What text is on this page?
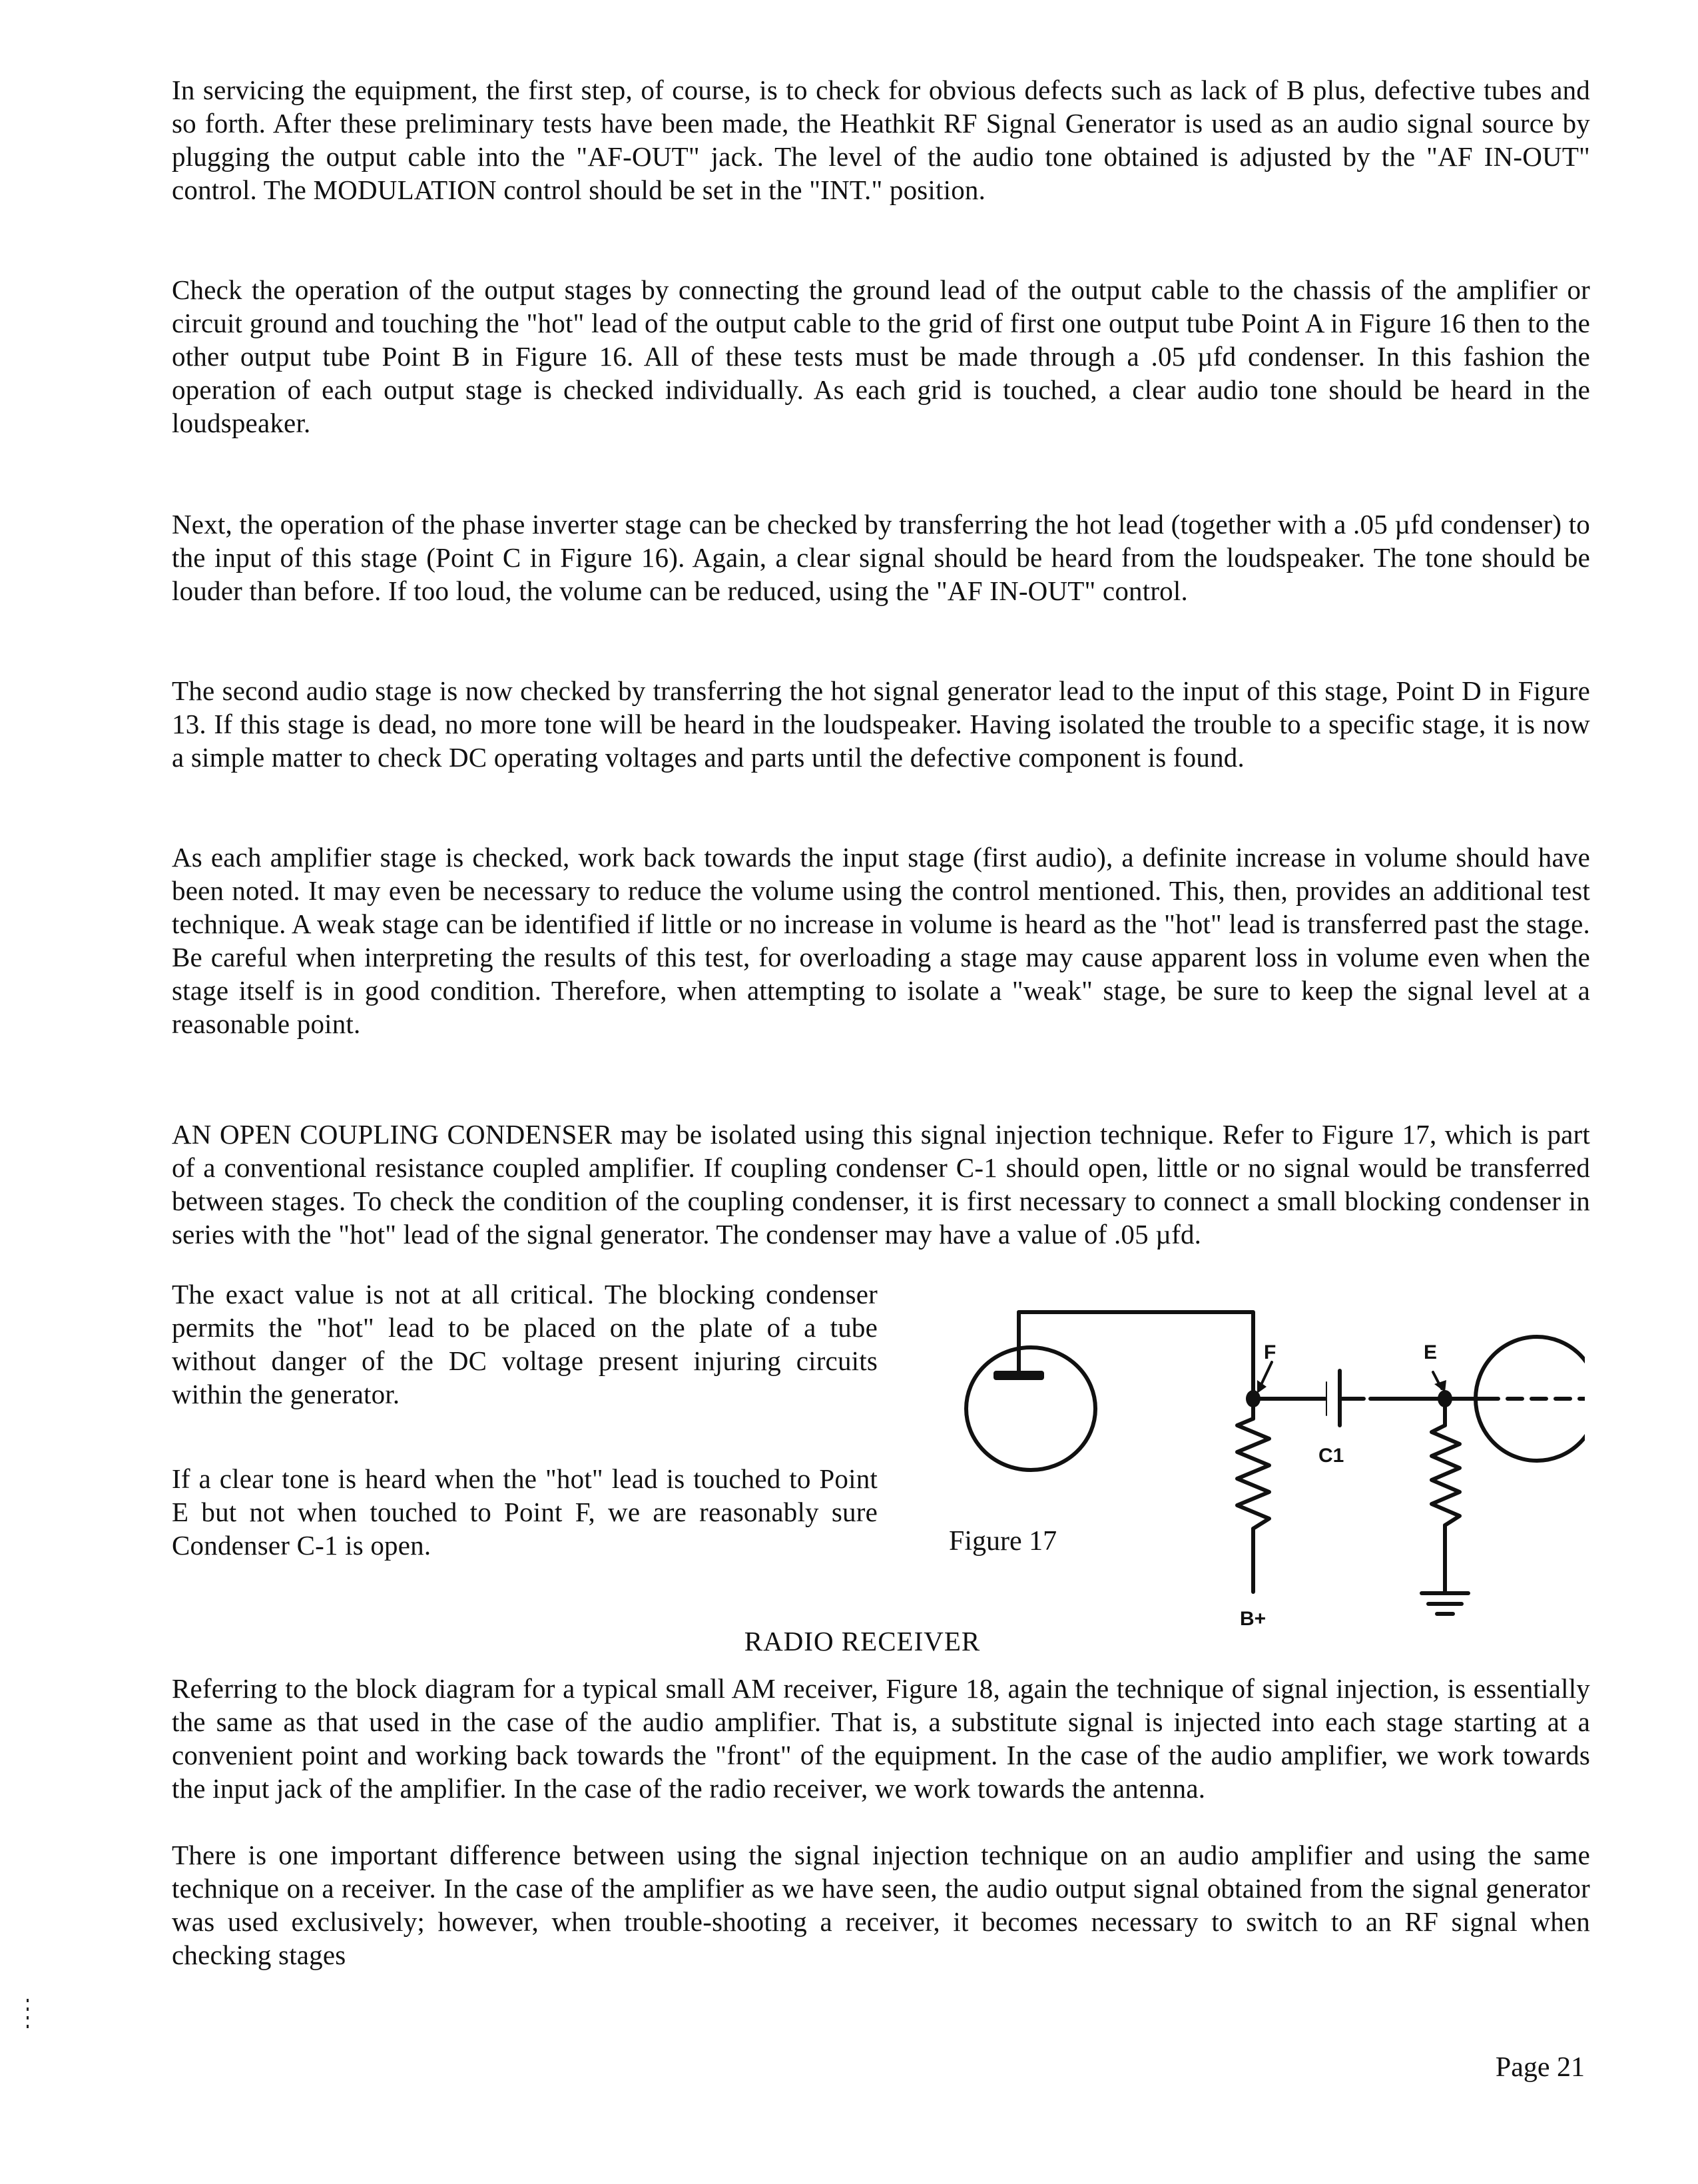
In servicing the equipment, the first step, of course, is to check for obvious defects such as lack of B plus, defective tubes and so forth. After these preliminary tests have been made, the Heathkit RF Signal Generator is used as an audio signal source by plugging the output cable into the "AF-OUT" jack. The level of the audio tone obtained is adjusted by the "AF IN-OUT" control. The MODULATION control should be set in the "INT." position.

Check the operation of the output stages by connecting the ground lead of the output cable to the chassis of the amplifier or circuit ground and touching the "hot" lead of the output cable to the grid of first one output tube Point A in Figure 16 then to the other output tube Point B in Figure 16. All of these tests must be made through a .05 µfd condenser. In this fashion the operation of each output stage is checked individually. As each grid is touched, a clear audio tone should be heard in the loudspeaker.

Next, the operation of the phase inverter stage can be checked by transferring the hot lead (together with a .05 µfd condenser) to the input of this stage (Point C in Figure 16). Again, a clear signal should be heard from the loudspeaker. The tone should be louder than before. If too loud, the volume can be reduced, using the "AF IN-OUT" control.

The second audio stage is now checked by transferring the hot signal generator lead to the input of this stage, Point D in Figure 13. If this stage is dead, no more tone will be heard in the loudspeaker. Having isolated the trouble to a specific stage, it is now a simple matter to check DC operating voltages and parts until the defective component is found.

As each amplifier stage is checked, work back towards the input stage (first audio), a definite increase in volume should have been noted. It may even be necessary to reduce the volume using the control mentioned. This, then, provides an additional test technique. A weak stage can be identified if little or no increase in volume is heard as the "hot" lead is transferred past the stage. Be careful when interpreting the results of this test, for overloading a stage may cause apparent loss in volume even when the stage itself is in good condition. Therefore, when attempting to isolate a "weak" stage, be sure to keep the signal level at a reasonable point.

AN OPEN COUPLING CONDENSER may be isolated using this signal injection technique. Refer to Figure 17, which is part of a conventional resistance coupled amplifier. If coupling condenser C-1 should open, little or no signal would be transferred between stages. To check the condition of the coupling condenser, it is first necessary to connect a small blocking condenser in series with the "hot" lead of the signal generator. The condenser may have a value of .05 µfd.

The exact value is not at all critical. The blocking condenser permits the "hot" lead to be placed on the plate of a tube without danger of the DC voltage present injuring circuits within the generator.

If a clear tone is heard when the "hot" lead is touched to Point E but not when touched to Point F, we are reasonably sure Condenser C-1 is open.

F	E
C1
B+
Figure 17
RADIO RECEIVER

Referring to the block diagram for a typical small AM receiver, Figure 18, again the technique of signal injection, is essentially the same as that used in the case of the audio amplifier. That is, a substitute signal is injected into each stage starting at a convenient point and working back towards the "front" of the equipment. In the case of the audio amplifier, we work towards the input jack of the amplifier. In the case of the radio receiver, we work towards the antenna.

There is one important difference between using the signal injection technique on an audio amplifier and using the same technique on a receiver. In the case of the amplifier as we have seen, the audio output signal obtained from the signal generator was used exclusively; however, when trouble-shooting a receiver, it becomes necessary to switch to an RF signal when checking stages

Page 21
